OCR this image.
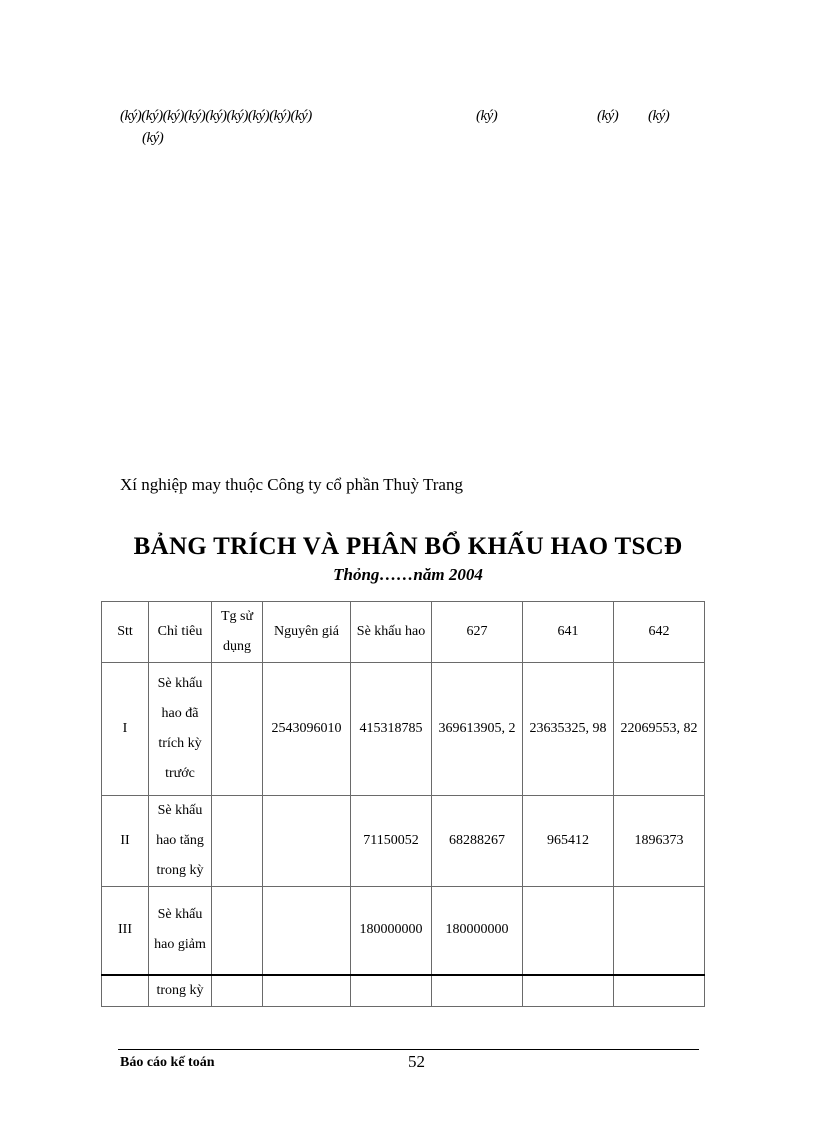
(ký)(ký)(ký)(ký)(ký)(ký)(ký)(ký)(ký)	(ký)	(ký) (ký)
(ký)
Xí nghiệp may thuộc Công ty cổ phần Thuỳ Trang
BẢNG TRÍCH VÀ PHÂN BỔ KHẤU HAO TSCĐ
Thỏng……năm 2004
Stt	Chỉ tiêu	Tg sử dụng	Nguyên giá	Sè khấu hao	627	641	642
I	Sè khấu hao đã trích kỳ trước		2543096010	415318785	369613905, 2	23635325, 98	22069553, 82
II	Sè khấu hao tăng trong kỳ			71150052	68288267	965412	1896373
III	Sè khấu hao giảm			180000000	180000000		
	trong kỳ						
Báo cáo kế toán	52
